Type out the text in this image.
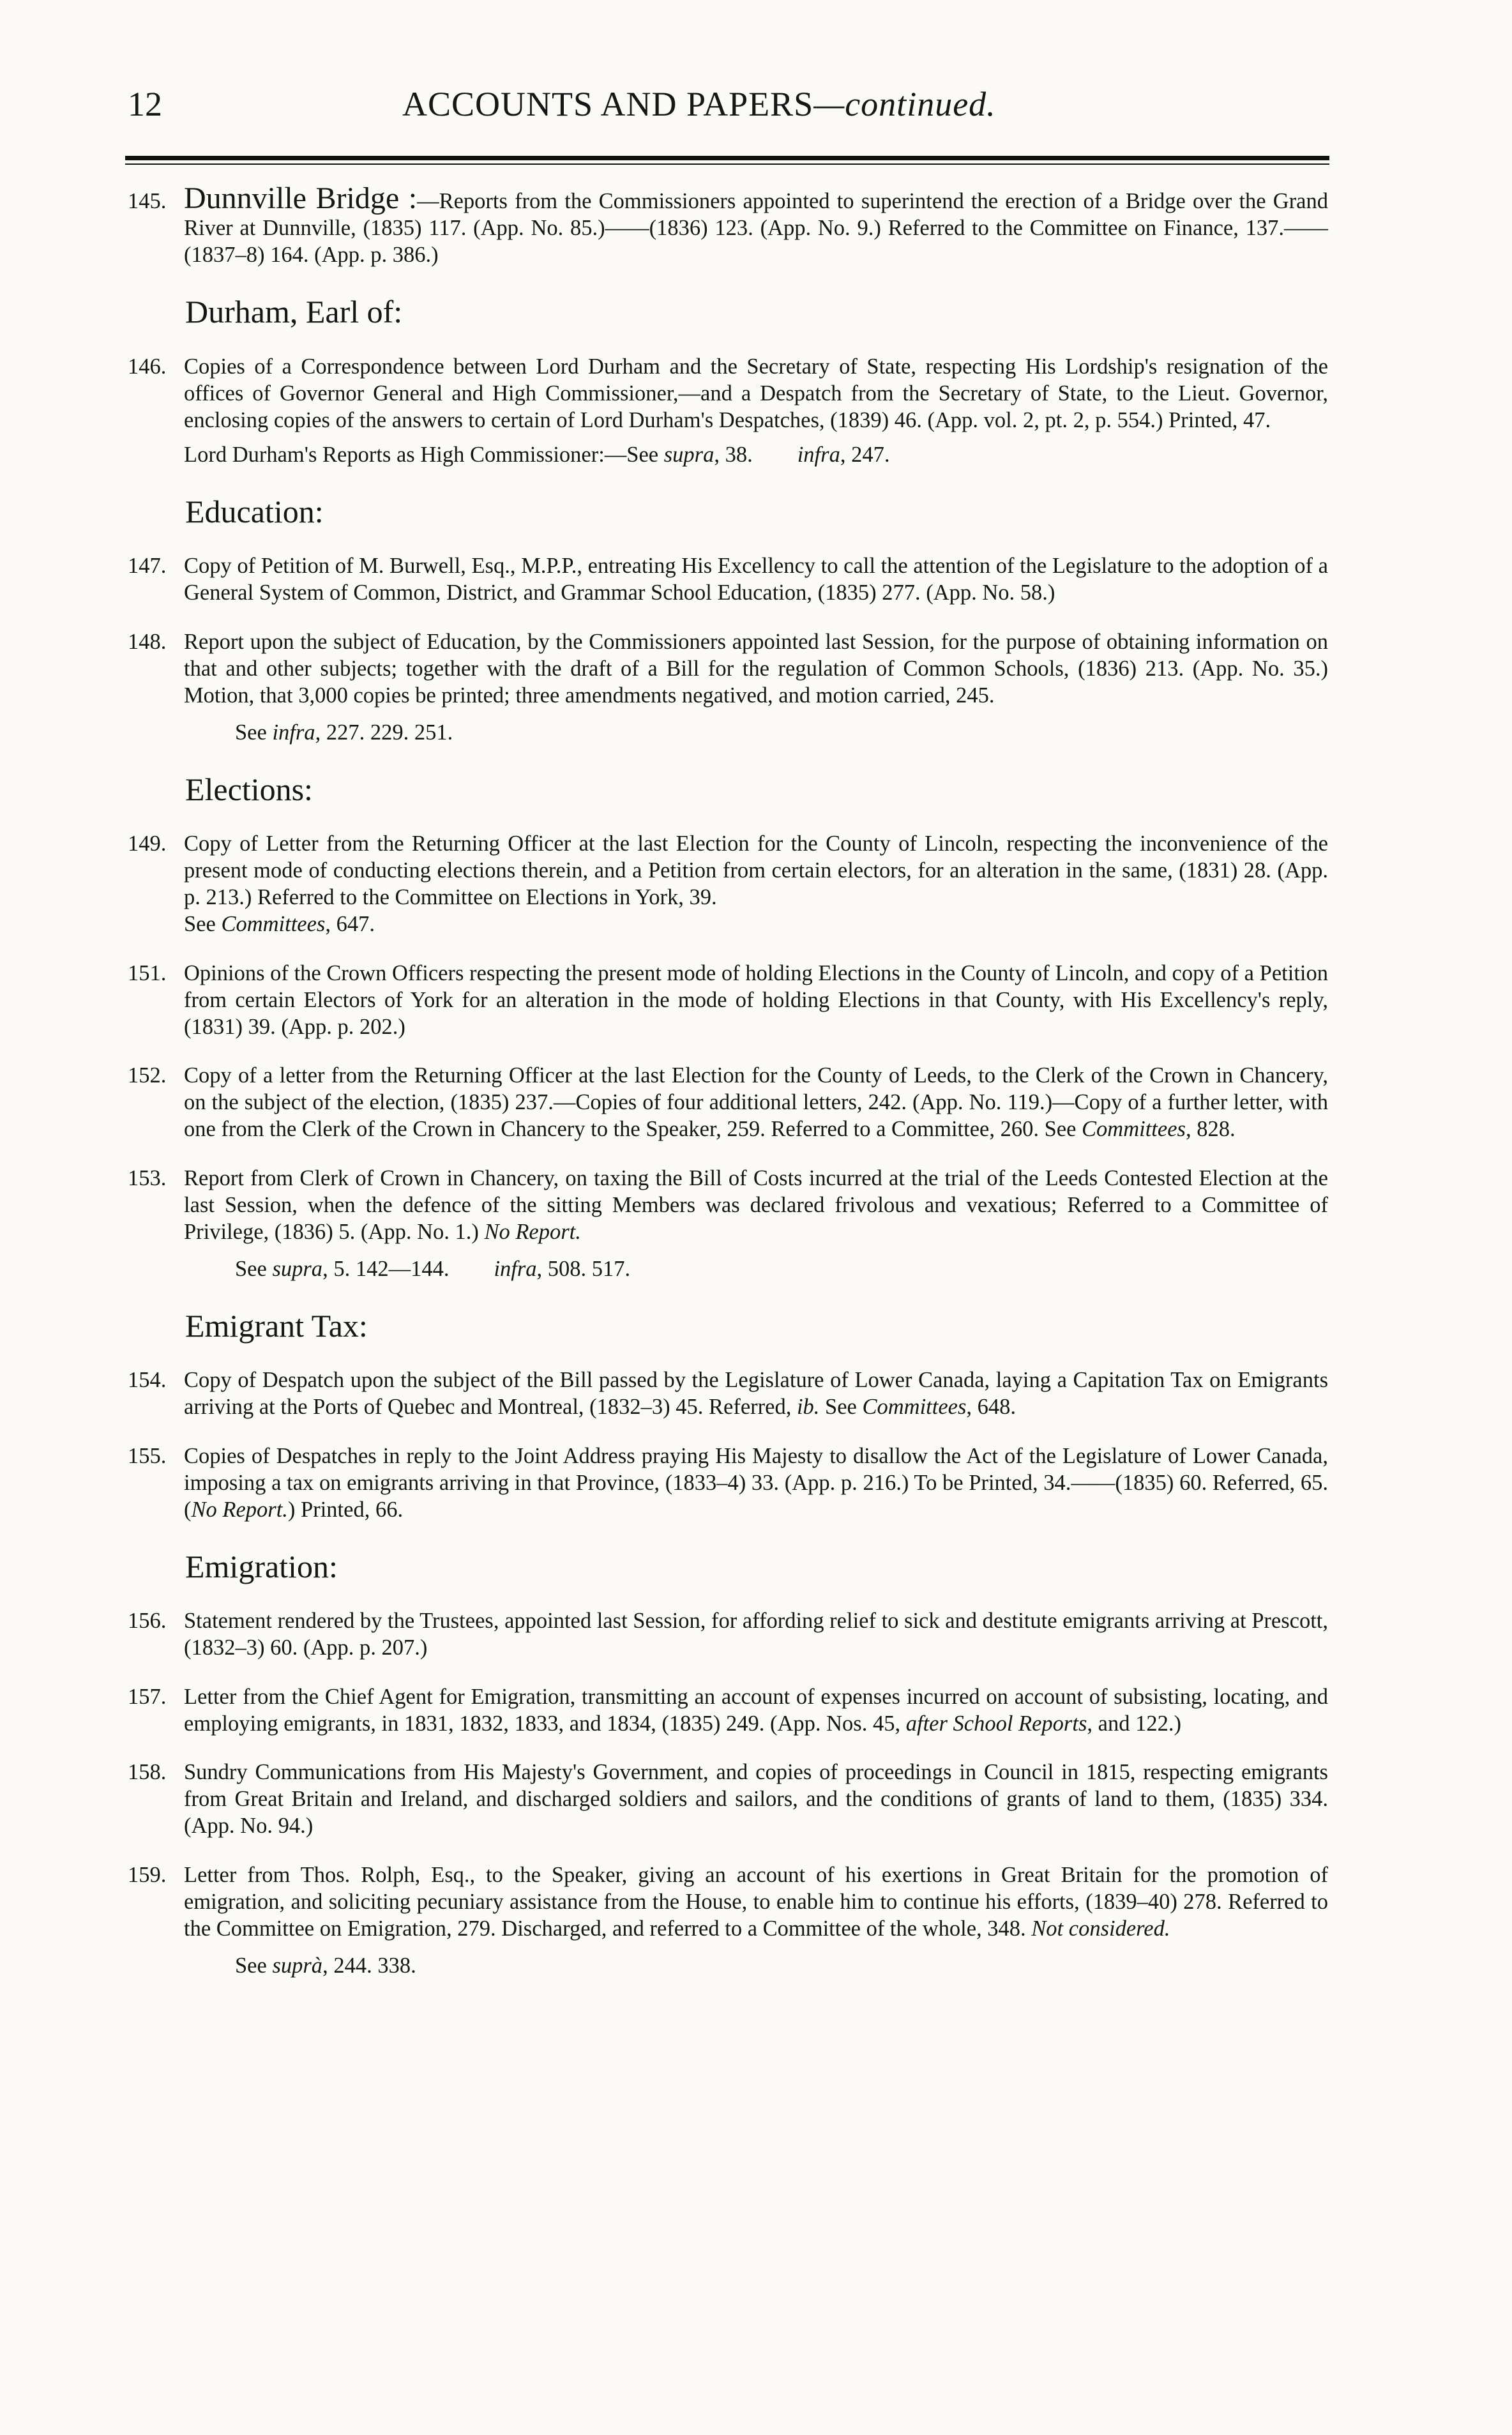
12	ACCOUNTS AND PAPERS—continued.

145. Dunnville Bridge :—Reports from the Commissioners appointed to superintend the erection of a Bridge over the Grand River at Dunnville, (1835) 117. (App. No. 85.)——(1836) 123. (App. No. 9.) Referred to the Committee on Finance, 137.——(1837–8) 164. (App. p. 386.)

Durham, Earl of:

146. Copies of a Correspondence between Lord Durham and the Secretary of State, respecting His Lordship's resignation of the offices of Governor General and High Commissioner,—and a Despatch from the Secretary of State, to the Lieut. Governor, enclosing copies of the answers to certain of Lord Durham's Despatches, (1839) 46. (App. vol. 2, pt. 2, p. 554.) Printed, 47.

Lord Durham's Reports as High Commissioner:—See supra, 38. infra, 247.

Education:

147. Copy of Petition of M. Burwell, Esq., M.P.P., entreating His Excellency to call the attention of the Legislature to the adoption of a General System of Common, District, and Grammar School Education, (1835) 277. (App. No. 58.)

148. Report upon the subject of Education, by the Commissioners appointed last Session, for the purpose of obtaining information on that and other subjects; together with the draft of a Bill for the regulation of Common Schools, (1836) 213. (App. No. 35.) Motion, that 3,000 copies be printed; three amendments negatived, and motion carried, 245.

See infra, 227. 229. 251.

Elections:

149. Copy of Letter from the Returning Officer at the last Election for the County of Lincoln, respecting the inconvenience of the present mode of conducting elections therein, and a Petition from certain electors, for an alteration in the same, (1831) 28. (App. p. 213.) Referred to the Committee on Elections in York, 39.
See Committees, 647.

151. Opinions of the Crown Officers respecting the present mode of holding Elections in the County of Lincoln, and copy of a Petition from certain Electors of York for an alteration in the mode of holding Elections in that County, with His Excellency's reply, (1831) 39. (App. p. 202.)

152. Copy of a letter from the Returning Officer at the last Election for the County of Leeds, to the Clerk of the Crown in Chancery, on the subject of the election, (1835) 237.—Copies of four additional letters, 242. (App. No. 119.)—Copy of a further letter, with one from the Clerk of the Crown in Chancery to the Speaker, 259. Referred to a Committee, 260. See Committees, 828.

153. Report from Clerk of Crown in Chancery, on taxing the Bill of Costs incurred at the trial of the Leeds Contested Election at the last Session, when the defence of the sitting Members was declared frivolous and vexatious; Referred to a Committee of Privilege, (1836) 5. (App. No. 1.) No Report.

See supra, 5. 142—144. infra, 508. 517.

Emigrant Tax:

154. Copy of Despatch upon the subject of the Bill passed by the Legislature of Lower Canada, laying a Capitation Tax on Emigrants arriving at the Ports of Quebec and Montreal, (1832–3) 45. Referred, ib. See Committees, 648.

155. Copies of Despatches in reply to the Joint Address praying His Majesty to disallow the Act of the Legislature of Lower Canada, imposing a tax on emigrants arriving in that Province, (1833–4) 33. (App. p. 216.) To be Printed, 34.——(1835) 60. Referred, 65. (No Report.) Printed, 66.

Emigration:

156. Statement rendered by the Trustees, appointed last Session, for affording relief to sick and destitute emigrants arriving at Prescott, (1832–3) 60. (App. p. 207.)

157. Letter from the Chief Agent for Emigration, transmitting an account of expenses incurred on account of subsisting, locating, and employing emigrants, in 1831, 1832, 1833, and 1834, (1835) 249. (App. Nos. 45, after School Reports, and 122.)

158. Sundry Communications from His Majesty's Government, and copies of proceedings in Council in 1815, respecting emigrants from Great Britain and Ireland, and discharged soldiers and sailors, and the conditions of grants of land to them, (1835) 334. (App. No. 94.)

159. Letter from Thos. Rolph, Esq., to the Speaker, giving an account of his exertions in Great Britain for the promotion of emigration, and soliciting pecuniary assistance from the House, to enable him to continue his efforts, (1839–40) 278. Referred to the Committee on Emigration, 279. Discharged, and referred to a Committee of the whole, 348. Not considered.

See suprà, 244. 338.
